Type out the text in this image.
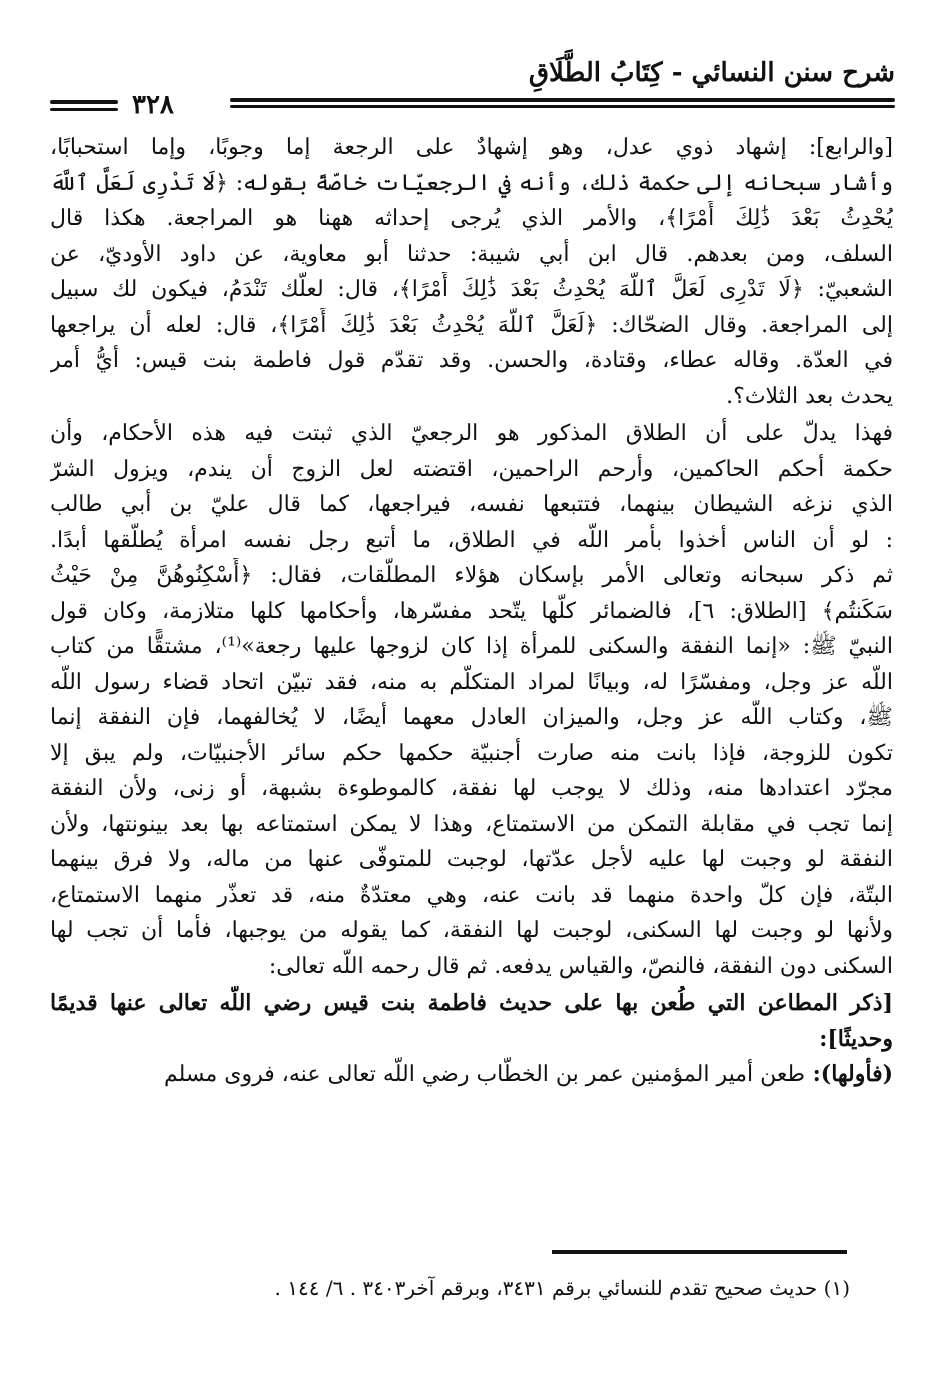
شرح سنن النسائي - كِتَابُ الطَّلَاقِ
٣٢٨
[والرابع]: إشهاد ذوي عدل، وهو إشهادٌ على الرجعة إما وجوبًا، وإما استحبابًا،
وأشار سبحانه إلى حكمة ذلك، وأنه في الرجعيّات خاصّةً بقوله: ﴿لَا تَدْرِى لَعَلَّ ٱللَّهَ
يُحْدِثُ بَعْدَ ذَٰلِكَ أَمْرًا﴾، والأمر الذي يُرجى إحداثه ههنا هو المراجعة. هكذا قال
السلف، ومن بعدهم. قال ابن أبي شيبة: حدثنا أبو معاوية، عن داود الأوديّ، عن
الشعبيّ: ﴿لَا تَدْرِى لَعَلَّ ٱللَّهَ يُحْدِثُ بَعْدَ ذَٰلِكَ أَمْرًا﴾، قال: لعلّك تَنْدَمُ، فيكون لك سبيل
إلى المراجعة. وقال الضحّاك: ﴿لَعَلَّ ٱللَّهَ يُحْدِثُ بَعْدَ ذَٰلِكَ أَمْرًا﴾، قال: لعله أن يراجعها
في العدّة. وقاله عطاء، وقتادة، والحسن. وقد تقدّم قول فاطمة بنت قيس: أيُّ أمر
يحدث بعد الثلاث؟.
فهذا يدلّ على أن الطلاق المذكور هو الرجعيّ الذي ثبتت فيه هذه الأحكام، وأن
حكمة أحكم الحاكمين، وأرحم الراحمين، اقتضته لعل الزوج أن يندم، ويزول الشرّ
الذي نزغه الشيطان بينهما، فتتبعها نفسه، فيراجعها، كما قال عليّ بن أبي طالب
ؓ: لو أن الناس أخذوا بأمر اللّه في الطلاق، ما أتبع رجل نفسه امرأة يُطلّقها أبدًا.
ثم ذكر سبحانه وتعالى الأمر بإسكان هؤلاء المطلّقات، فقال: ﴿أَسْكِنُوهُنَّ مِنْ حَيْثُ
سَكَنتُم﴾ [الطلاق: ٦]، فالضمائر كلّها يتّحد مفسّرها، وأحكامها كلها متلازمة، وكان قول
النبيّ ﷺ: «إنما النفقة والسكنى للمرأة إذا كان لزوجها عليها رجعة»⁽¹⁾، مشتقًّا من كتاب
اللّه عز وجل، ومفسّرًا له، وبيانًا لمراد المتكلّم به منه، فقد تبيّن اتحاد قضاء رسول اللّه
ﷺ، وكتاب اللّه عز وجل، والميزان العادل معهما أيضًا، لا يُخالفهما، فإن النفقة إنما
تكون للزوجة، فإذا بانت منه صارت أجنبيّة حكمها حكم سائر الأجنبيّات، ولم يبق إلا
مجرّد اعتدادها منه، وذلك لا يوجب لها نفقة، كالموطوءة بشبهة، أو زنى، ولأن النفقة
إنما تجب في مقابلة التمكن من الاستمتاع، وهذا لا يمكن استمتاعه بها بعد بينونتها، ولأن
النفقة لو وجبت لها عليه لأجل عدّتها، لوجبت للمتوفّى عنها من ماله، ولا فرق بينهما
البتّة، فإن كلّ واحدة منهما قد بانت عنه، وهي معتدّةٌ منه، قد تعذّر منهما الاستمتاع،
ولأنها لو وجبت لها السكنى، لوجبت لها النفقة، كما يقوله من يوجبها، فأما أن تجب لها
السكنى دون النفقة، فالنصّ، والقياس يدفعه. ثم قال رحمه اللّه تعالى:
[ذكر المطاعن التي طُعن بها على حديث فاطمة بنت قيس رضي اللّه تعالى عنها قديمًا
وحديثًا]:
(فأولها): طعن أمير المؤمنين عمر بن الخطّاب رضي اللّه تعالى عنه، فروى مسلم
(١) حديث صحيح تقدم للنسائي برقم ٣٤٣١، وبرقم آخر٣٤٠٣ . ٦/ ١٤٤ .
